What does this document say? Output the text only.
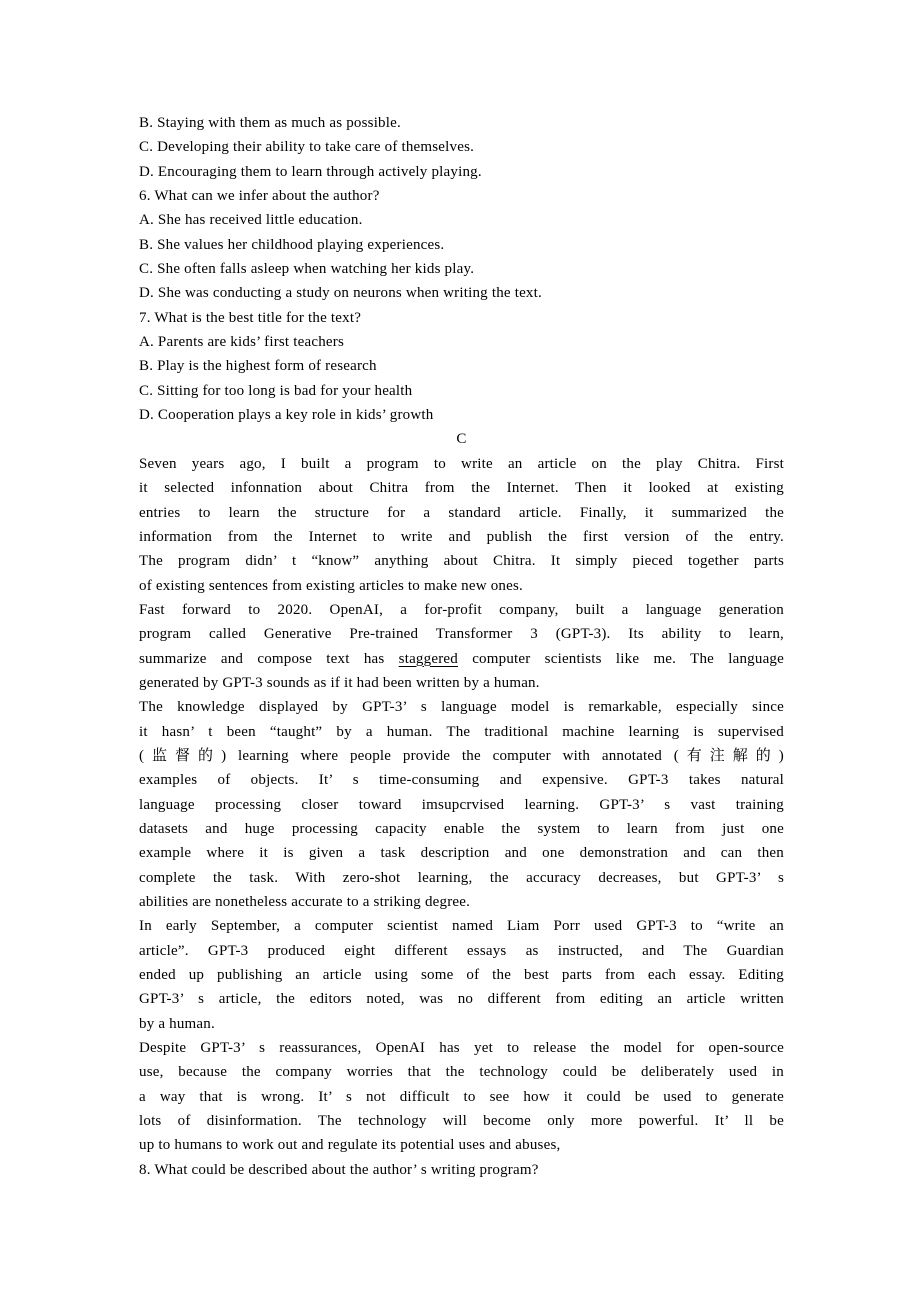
B. Staying with them as much as possible.
C. Developing their ability to take care of themselves.
D. Encouraging them to learn through actively playing.
6. What can we infer about the author?
A. She has received little education.
B. She values her childhood playing experiences.
C. She often falls asleep when watching her kids play.
D. She was conducting a study on neurons when writing the text.
7. What is the best title for the text?
A. Parents are kids’ first teachers
B. Play is the highest form of research
C. Sitting for too long is bad for your health
D. Cooperation plays a key role in kids’ growth
C
Seven years ago, I built a program to write an article on the play Chitra. First
it selected infonnation about Chitra from the Internet. Then it looked at existing
entries to learn the structure for a standard article. Finally, it summarized the
information from the Internet to write and publish the first version of the entry.
The program didn’ t “know” anything about Chitra. It simply pieced together parts
of existing sentences from existing articles to make new ones.
Fast forward to 2020. OpenAI, a for-profit company, built a language generation
program called Generative Pre-trained Transformer 3 (GPT-3). Its ability to learn,
summarize and compose text has staggered computer scientists like me. The language
generated by GPT-3 sounds as if it had been written by a human.
The knowledge displayed by GPT-3’ s language model is remarkable, especially since
it hasn’ t been “taught” by a human. The traditional machine learning is supervised
(监督的) learning where people provide the computer with annotated (有注解的)
examples of objects. It’ s time-consuming and expensive. GPT-3 takes natural
language processing closer toward imsupcrvised learning. GPT-3’ s vast training
datasets and huge processing capacity enable the system to learn from just one
example where it is given a task description and one demonstration and can then
complete the task. With zero-shot learning, the accuracy decreases, but GPT-3’ s
abilities are nonetheless accurate to a striking degree.
In early September, a computer scientist named Liam Porr used GPT-3 to “write an
article”. GPT-3 produced eight different essays as instructed, and The Guardian
ended up publishing an article using some of the best parts from each essay. Editing
GPT-3’ s article, the editors noted, was no different from editing an article written
by a human.
Despite GPT-3’ s reassurances, OpenAI has yet to release the model for open-source
use, because the company worries that the technology could be deliberately used in
a way that is wrong. It’ s not difficult to see how it could be used to generate
lots of disinformation. The technology will become only more powerful. It’ ll be
up to humans to work out and regulate its potential uses and abuses,
8. What could be described about the author’ s writing program?
